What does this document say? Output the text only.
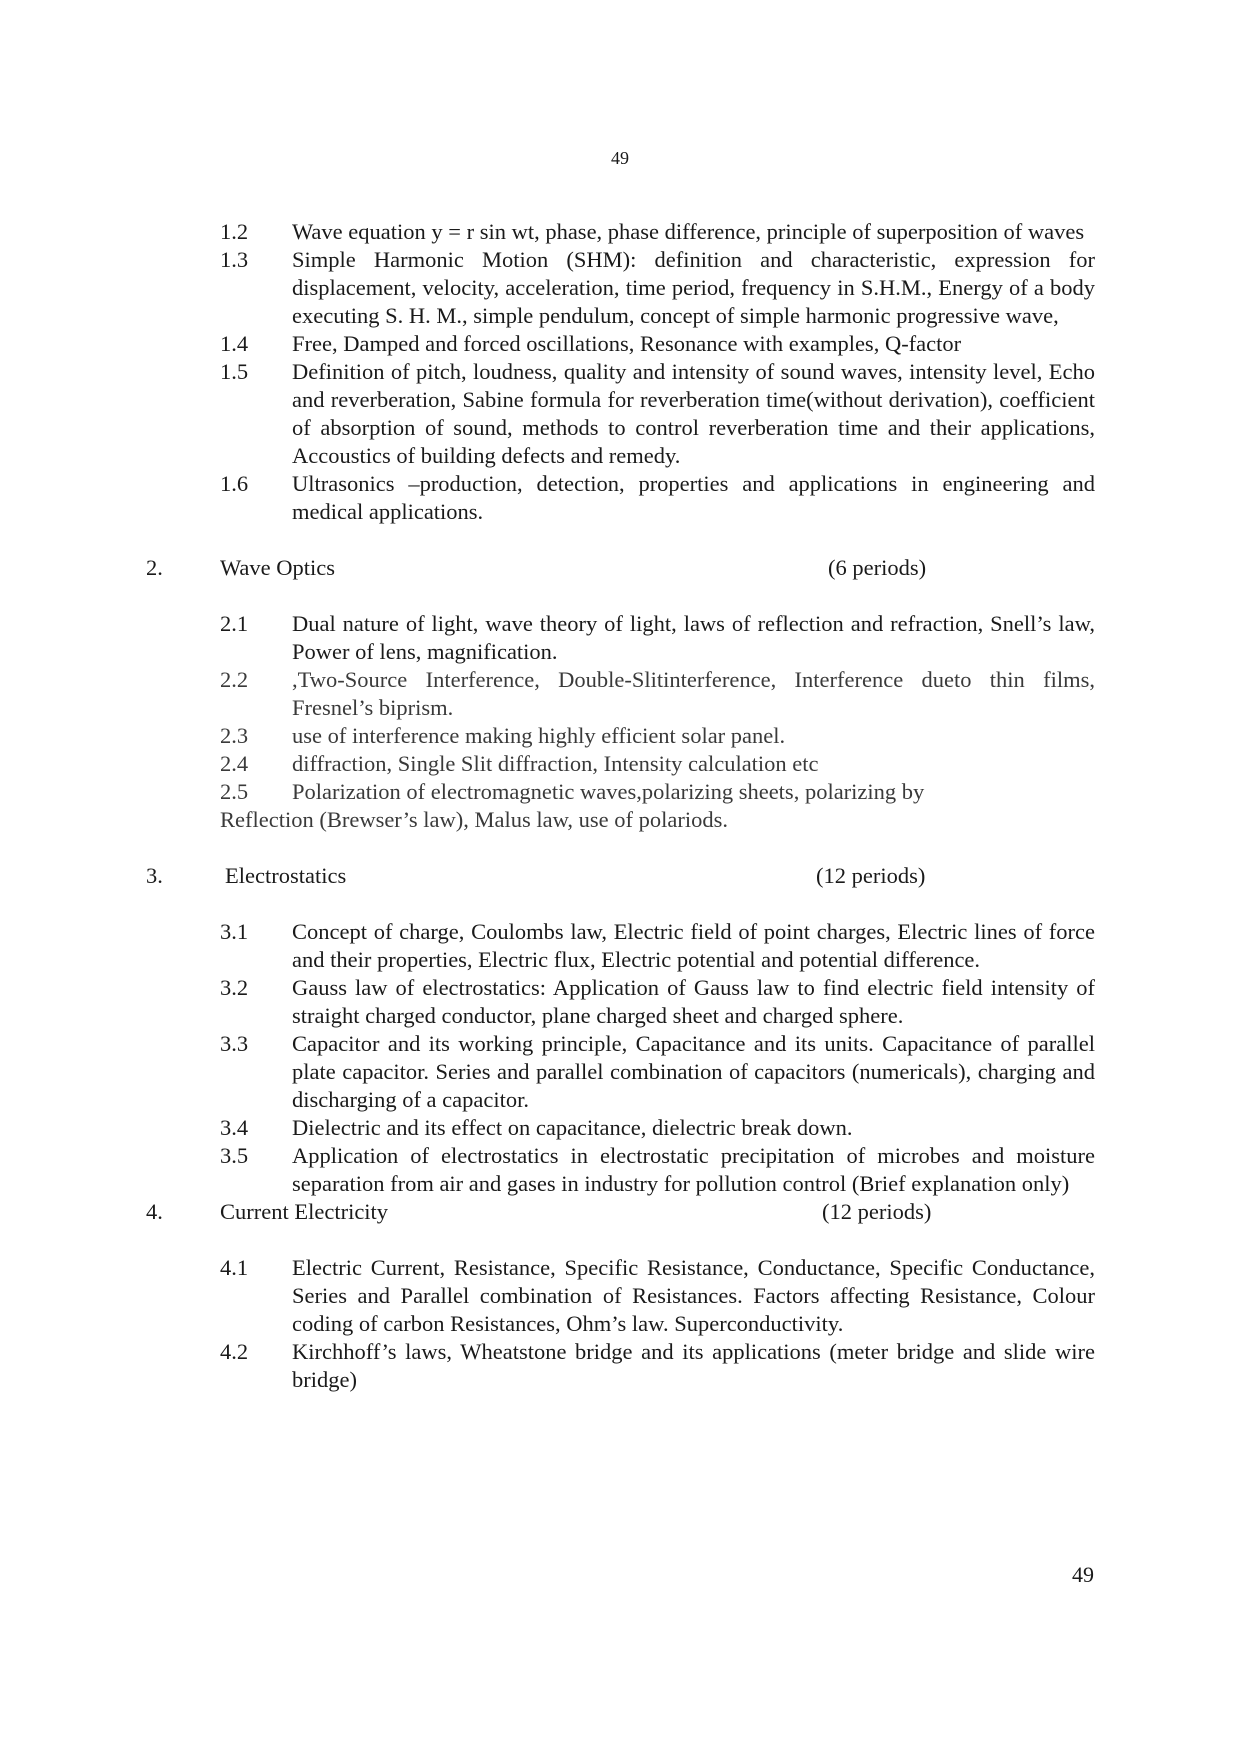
49
1.2 Wave equation y = r sin wt, phase, phase difference, principle of superposition of waves
1.3 Simple Harmonic Motion (SHM): definition and characteristic, expression for displacement, velocity, acceleration, time period, frequency in S.H.M., Energy of a body executing S. H. M., simple pendulum, concept of simple harmonic progressive wave,
1.4 Free, Damped and forced oscillations, Resonance with examples, Q-factor
1.5 Definition of pitch, loudness, quality and intensity of sound waves, intensity level, Echo and reverberation, Sabine formula for reverberation time(without derivation), coefficient of absorption of sound, methods to control reverberation time and their applications, Accoustics of building defects and remedy.
1.6 Ultrasonics –production, detection, properties and applications in engineering and medical applications.
2.	Wave Optics	(6 periods)
2.1 Dual nature of light, wave theory of light, laws of reflection and refraction, Snell’s law, Power of lens, magnification.
2.2 ,Two-Source Interference, Double-Slitinterference, Interference dueto thin films, Fresnel’s biprism.
2.3 use of interference making highly efficient solar panel.
2.4 diffraction, Single Slit diffraction, Intensity calculation etc
2.5 Polarization of electromagnetic waves,polarizing sheets, polarizing by
Reflection (Brewser’s law), Malus law, use of polariods.
3.	Electrostatics	(12 periods)
3.1 Concept of charge, Coulombs law, Electric field of point charges, Electric lines of force and their properties, Electric flux, Electric potential and potential difference.
3.2 Gauss law of electrostatics: Application of Gauss law to find electric field intensity of straight charged conductor, plane charged sheet and charged sphere.
3.3 Capacitor and its working principle, Capacitance and its units. Capacitance of parallel plate capacitor. Series and parallel combination of capacitors (numericals), charging and discharging of a capacitor.
3.4 Dielectric and its effect on capacitance, dielectric break down.
3.5 Application of electrostatics in electrostatic precipitation of microbes and moisture separation from air and gases in industry for pollution control (Brief explanation only)
4.	Current Electricity	(12 periods)
4.1 Electric Current, Resistance, Specific Resistance, Conductance, Specific Conductance, Series and Parallel combination of Resistances. Factors affecting Resistance, Colour coding of carbon Resistances, Ohm’s law. Superconductivity.
4.2 Kirchhoff’s laws, Wheatstone bridge and its applications (meter bridge and slide wire bridge)
49
